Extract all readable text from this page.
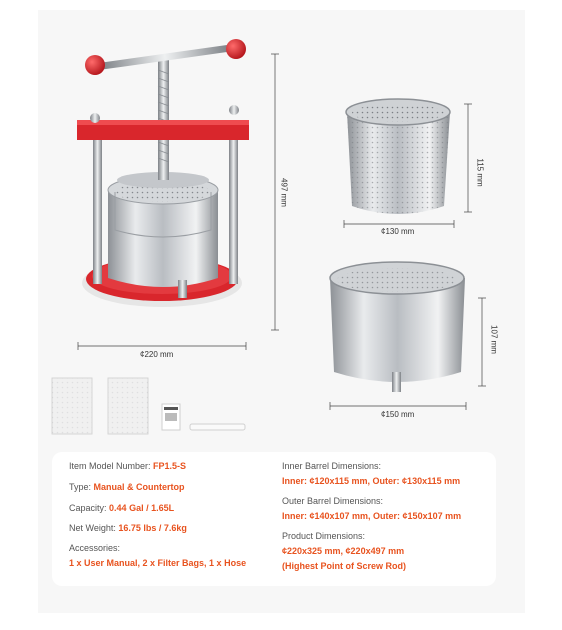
497 mm
¢220 mm
115 mm
¢130 mm
107 mm
¢150 mm
Item Model Number: FP1.5-S
Type: Manual & Countertop
Capacity: 0.44 Gal / 1.65L
Net Weight: 16.75 lbs / 7.6kg
Accessories:
1 x User Manual, 2 x Filter Bags, 1 x Hose
Inner Barrel Dimensions:
Inner: ¢120x115 mm, Outer: ¢130x115 mm
Outer Barrel Dimensions:
Inner: ¢140x107 mm, Outer: ¢150x107 mm
Product Dimensions:
¢220x325 mm, ¢220x497 mm
(Highest Point of Screw Rod)
